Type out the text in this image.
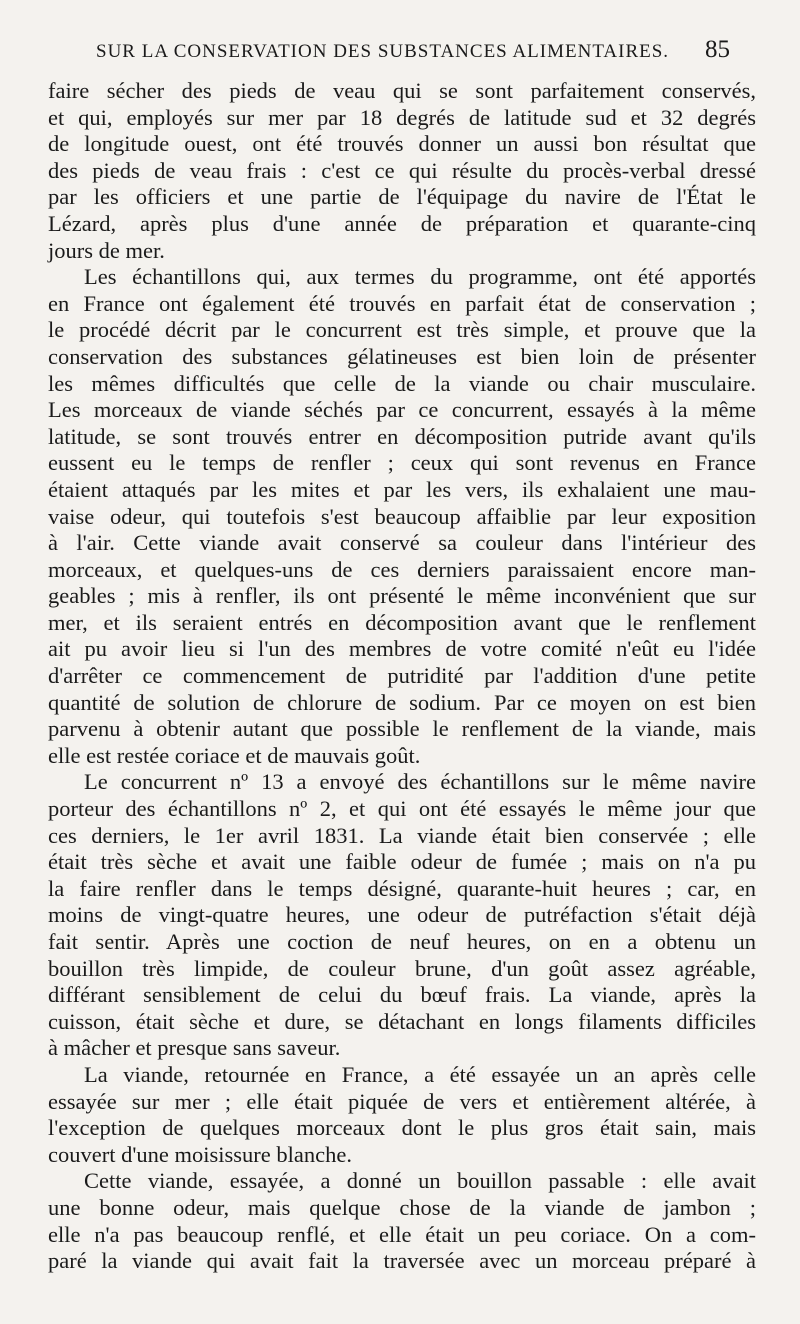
SUR LA CONSERVATION DES SUBSTANCES ALIMENTAIRES. 85
faire sécher des pieds de veau qui se sont parfaitement conservés,
et qui, employés sur mer par 18 degrés de latitude sud et 32 degrés
de longitude ouest, ont été trouvés donner un aussi bon résultat que
des pieds de veau frais : c'est ce qui résulte du procès-verbal dressé
par les officiers et une partie de l'équipage du navire de l'État le
Lézard, après plus d'une année de préparation et quarante-cinq
jours de mer.
Les échantillons qui, aux termes du programme, ont été apportés
en France ont également été trouvés en parfait état de conservation ;
le procédé décrit par le concurrent est très simple, et prouve que la
conservation des substances gélatineuses est bien loin de présenter
les mêmes difficultés que celle de la viande ou chair musculaire.
Les morceaux de viande séchés par ce concurrent, essayés à la même
latitude, se sont trouvés entrer en décomposition putride avant qu'ils
eussent eu le temps de renfler ; ceux qui sont revenus en France
étaient attaqués par les mites et par les vers, ils exhalaient une mau-
vaise odeur, qui toutefois s'est beaucoup affaiblie par leur exposition
à l'air. Cette viande avait conservé sa couleur dans l'intérieur des
morceaux, et quelques-uns de ces derniers paraissaient encore man-
geables ; mis à renfler, ils ont présenté le même inconvénient que sur
mer, et ils seraient entrés en décomposition avant que le renflement
ait pu avoir lieu si l'un des membres de votre comité n'eût eu l'idée
d'arrêter ce commencement de putridité par l'addition d'une petite
quantité de solution de chlorure de sodium. Par ce moyen on est bien
parvenu à obtenir autant que possible le renflement de la viande, mais
elle est restée coriace et de mauvais goût.
Le concurrent nº 13 a envoyé des échantillons sur le même navire
porteur des échantillons nº 2, et qui ont été essayés le même jour que
ces derniers, le 1er avril 1831. La viande était bien conservée ; elle
était très sèche et avait une faible odeur de fumée ; mais on n'a pu
la faire renfler dans le temps désigné, quarante-huit heures ; car, en
moins de vingt-quatre heures, une odeur de putréfaction s'était déjà
fait sentir. Après une coction de neuf heures, on en a obtenu un
bouillon très limpide, de couleur brune, d'un goût assez agréable,
différant sensiblement de celui du bœuf frais. La viande, après la
cuisson, était sèche et dure, se détachant en longs filaments difficiles
à mâcher et presque sans saveur.
La viande, retournée en France, a été essayée un an après celle
essayée sur mer ; elle était piquée de vers et entièrement altérée, à
l'exception de quelques morceaux dont le plus gros était sain, mais
couvert d'une moisissure blanche.
Cette viande, essayée, a donné un bouillon passable : elle avait
une bonne odeur, mais quelque chose de la viande de jambon ;
elle n'a pas beaucoup renflé, et elle était un peu coriace. On a com-
paré la viande qui avait fait la traversée avec un morceau préparé à
